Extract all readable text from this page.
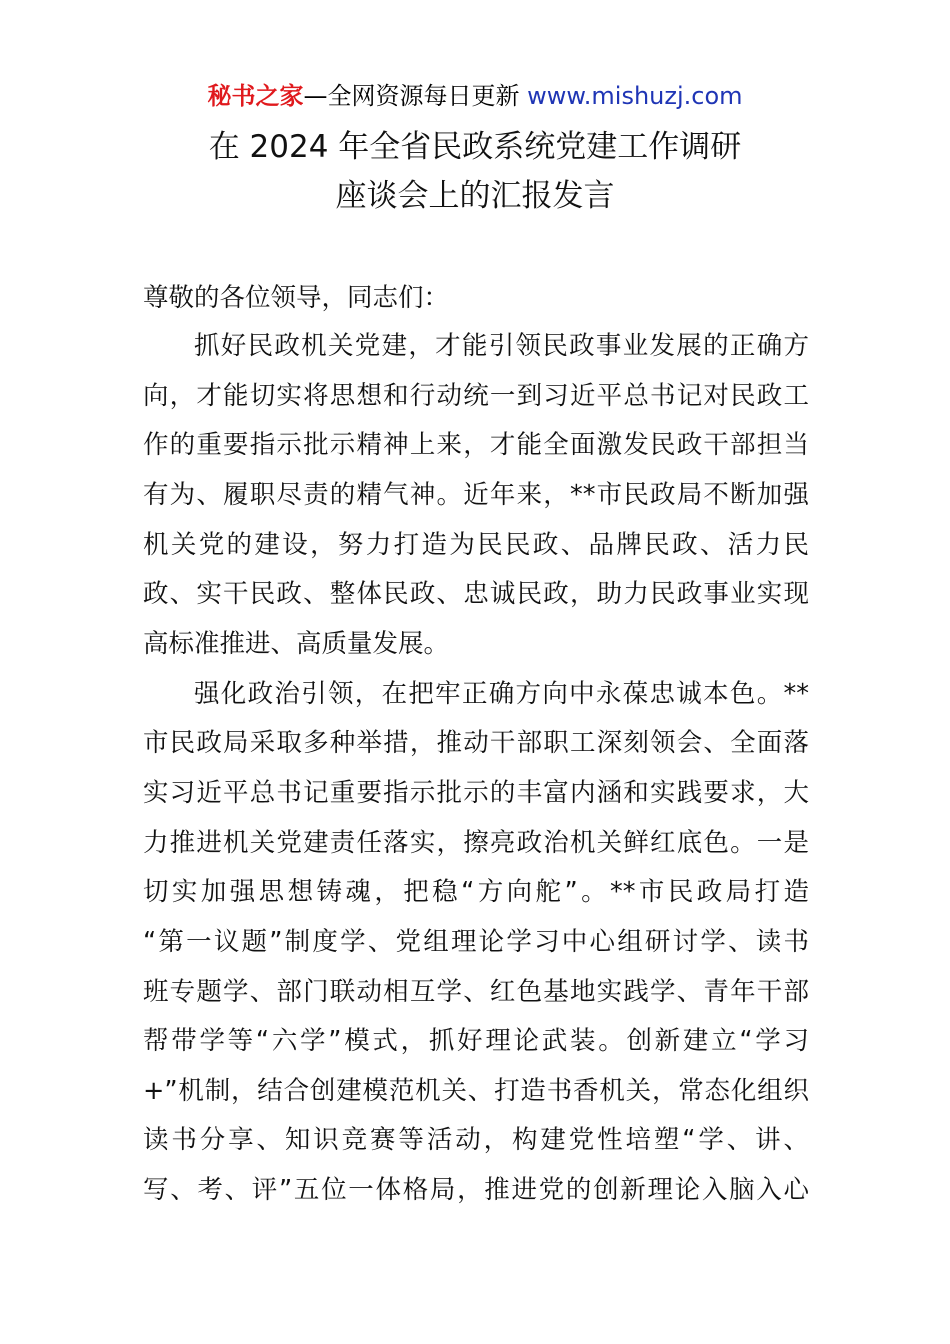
秘书之家—全网资源每日更新 www.mishuzj.com
在 2024 年全省民政系统党建工作调研
座谈会上的汇报发言
尊敬的各位领导，同志们：
抓好民政机关党建，才能引领民政事业发展的正确方
向，才能切实将思想和行动统一到习近平总书记对民政工
作的重要指示批示精神上来，才能全面激发民政干部担当
有为、履职尽责的精气神。近年来，**市民政局不断加强
机关党的建设，努力打造为民民政、品牌民政、活力民
政、实干民政、整体民政、忠诚民政，助力民政事业实现
高标准推进、高质量发展。
强化政治引领，在把牢正确方向中永葆忠诚本色。**
市民政局采取多种举措，推动干部职工深刻领会、全面落
实习近平总书记重要指示批示的丰富内涵和实践要求，大
力推进机关党建责任落实，擦亮政治机关鲜红底色。一是
切实加强思想铸魂，把稳“方向舵”。**市民政局打造
“第一议题”制度学、党组理论学习中心组研讨学、读书
班专题学、部门联动相互学、红色基地实践学、青年干部
帮带学等“六学”模式，抓好理论武装。创新建立“学习
+”机制，结合创建模范机关、打造书香机关，常态化组织
读书分享、知识竞赛等活动，构建党性培塑“学、讲、
写、考、评”五位一体格局，推进党的创新理论入脑入心
